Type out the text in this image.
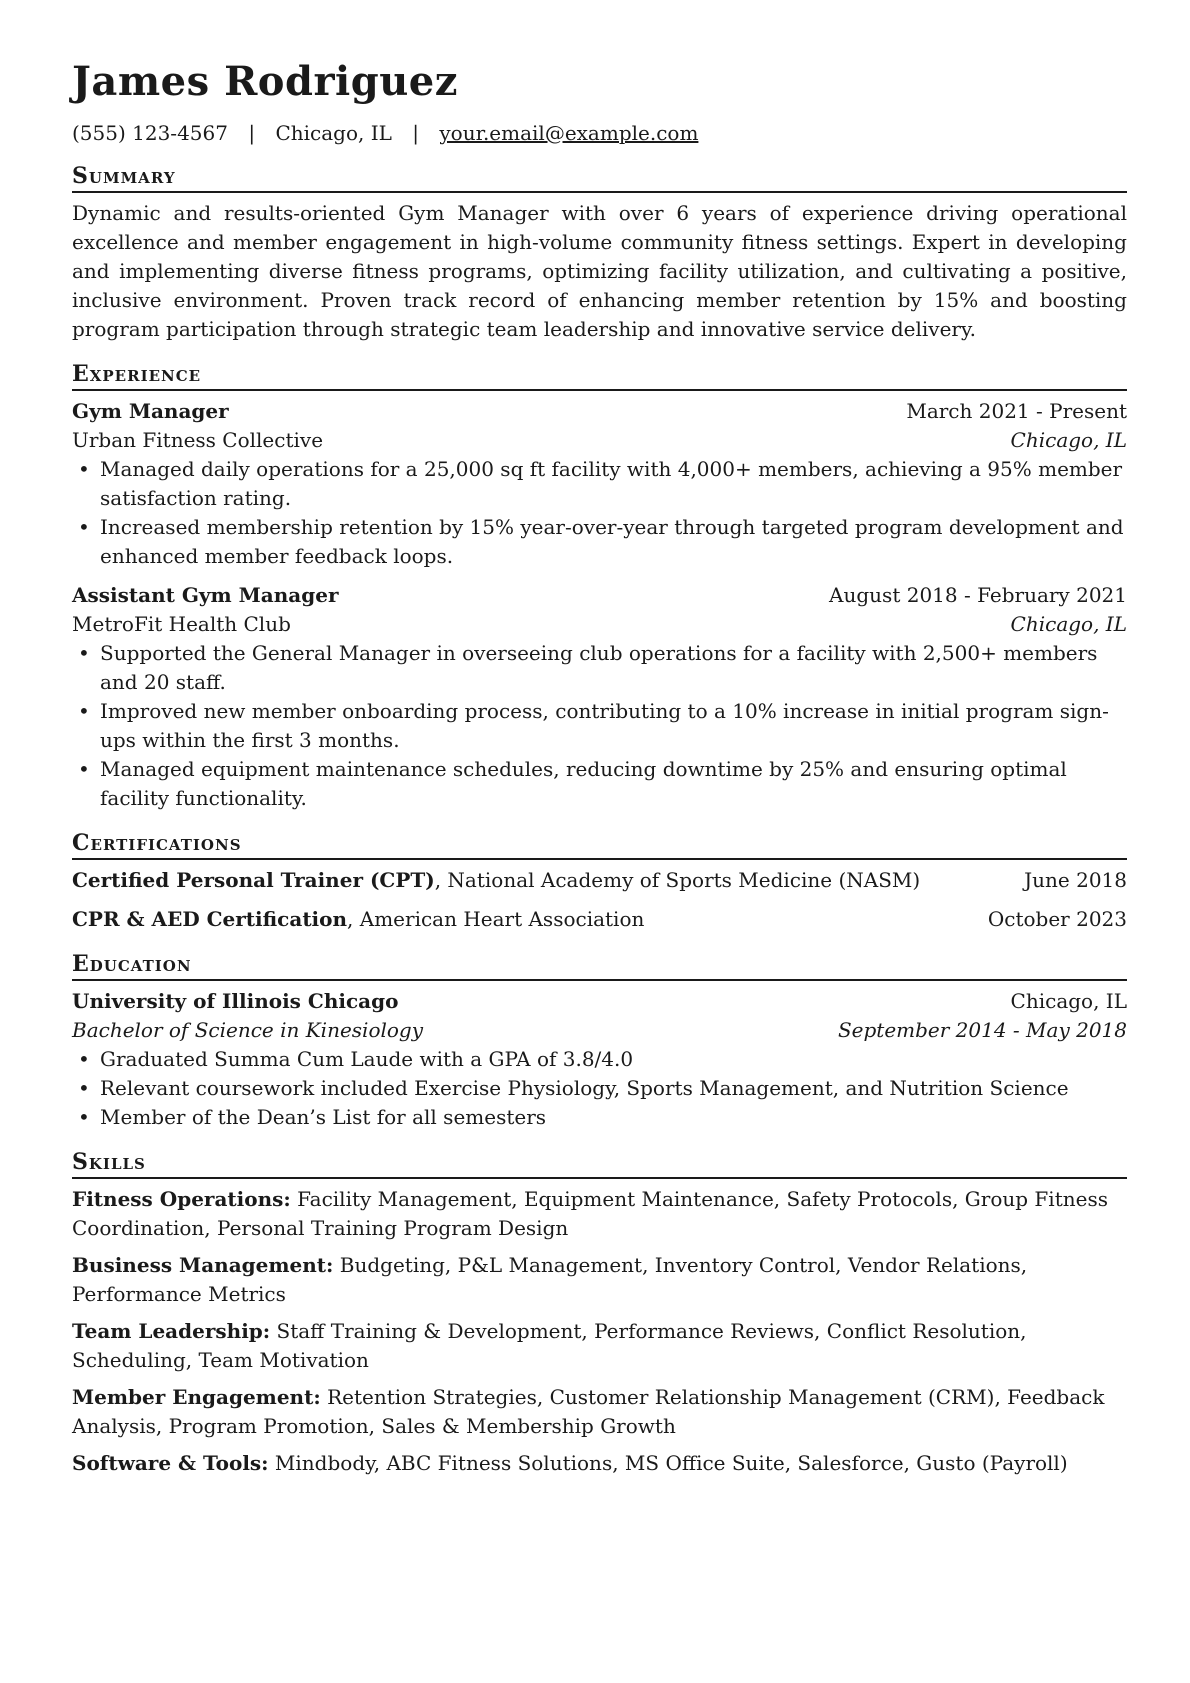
James Rodriguez
(555) 123-4567 | Chicago, IL | your.email@example.com
Summary
Dynamic and results-oriented Gym Manager with over 6 years of experience driving operational excellence and member engagement in high-volume community fitness settings. Expert in developing and implementing diverse fitness programs, optimizing facility utilization, and cultivating a positive, inclusive environment. Proven track record of enhancing member retention by 15% and boosting program participation through strategic team leadership and innovative service delivery.
Experience
Gym Manager	March 2021 - Present
Urban Fitness Collective	Chicago, IL
• Managed daily operations for a 25,000 sq ft facility with 4,000+ members, achieving a 95% member satisfaction rating.
• Increased membership retention by 15% year-over-year through targeted program development and enhanced member feedback loops.
Assistant Gym Manager	August 2018 - February 2021
MetroFit Health Club	Chicago, IL
• Supported the General Manager in overseeing club operations for a facility with 2,500+ members and 20 staff.
• Improved new member onboarding process, contributing to a 10% increase in initial program sign-ups within the first 3 months.
• Managed equipment maintenance schedules, reducing downtime by 25% and ensuring optimal facility functionality.
Certifications
Certified Personal Trainer (CPT), National Academy of Sports Medicine (NASM)	June 2018
CPR & AED Certification, American Heart Association	October 2023
Education
University of Illinois Chicago	Chicago, IL
Bachelor of Science in Kinesiology	September 2014 - May 2018
• Graduated Summa Cum Laude with a GPA of 3.8/4.0
• Relevant coursework included Exercise Physiology, Sports Management, and Nutrition Science
• Member of the Dean’s List for all semesters
Skills
Fitness Operations: Facility Management, Equipment Maintenance, Safety Protocols, Group Fitness Coordination, Personal Training Program Design
Business Management: Budgeting, P&L Management, Inventory Control, Vendor Relations, Performance Metrics
Team Leadership: Staff Training & Development, Performance Reviews, Conflict Resolution, Scheduling, Team Motivation
Member Engagement: Retention Strategies, Customer Relationship Management (CRM), Feedback Analysis, Program Promotion, Sales & Membership Growth
Software & Tools: Mindbody, ABC Fitness Solutions, MS Office Suite, Salesforce, Gusto (Payroll)
